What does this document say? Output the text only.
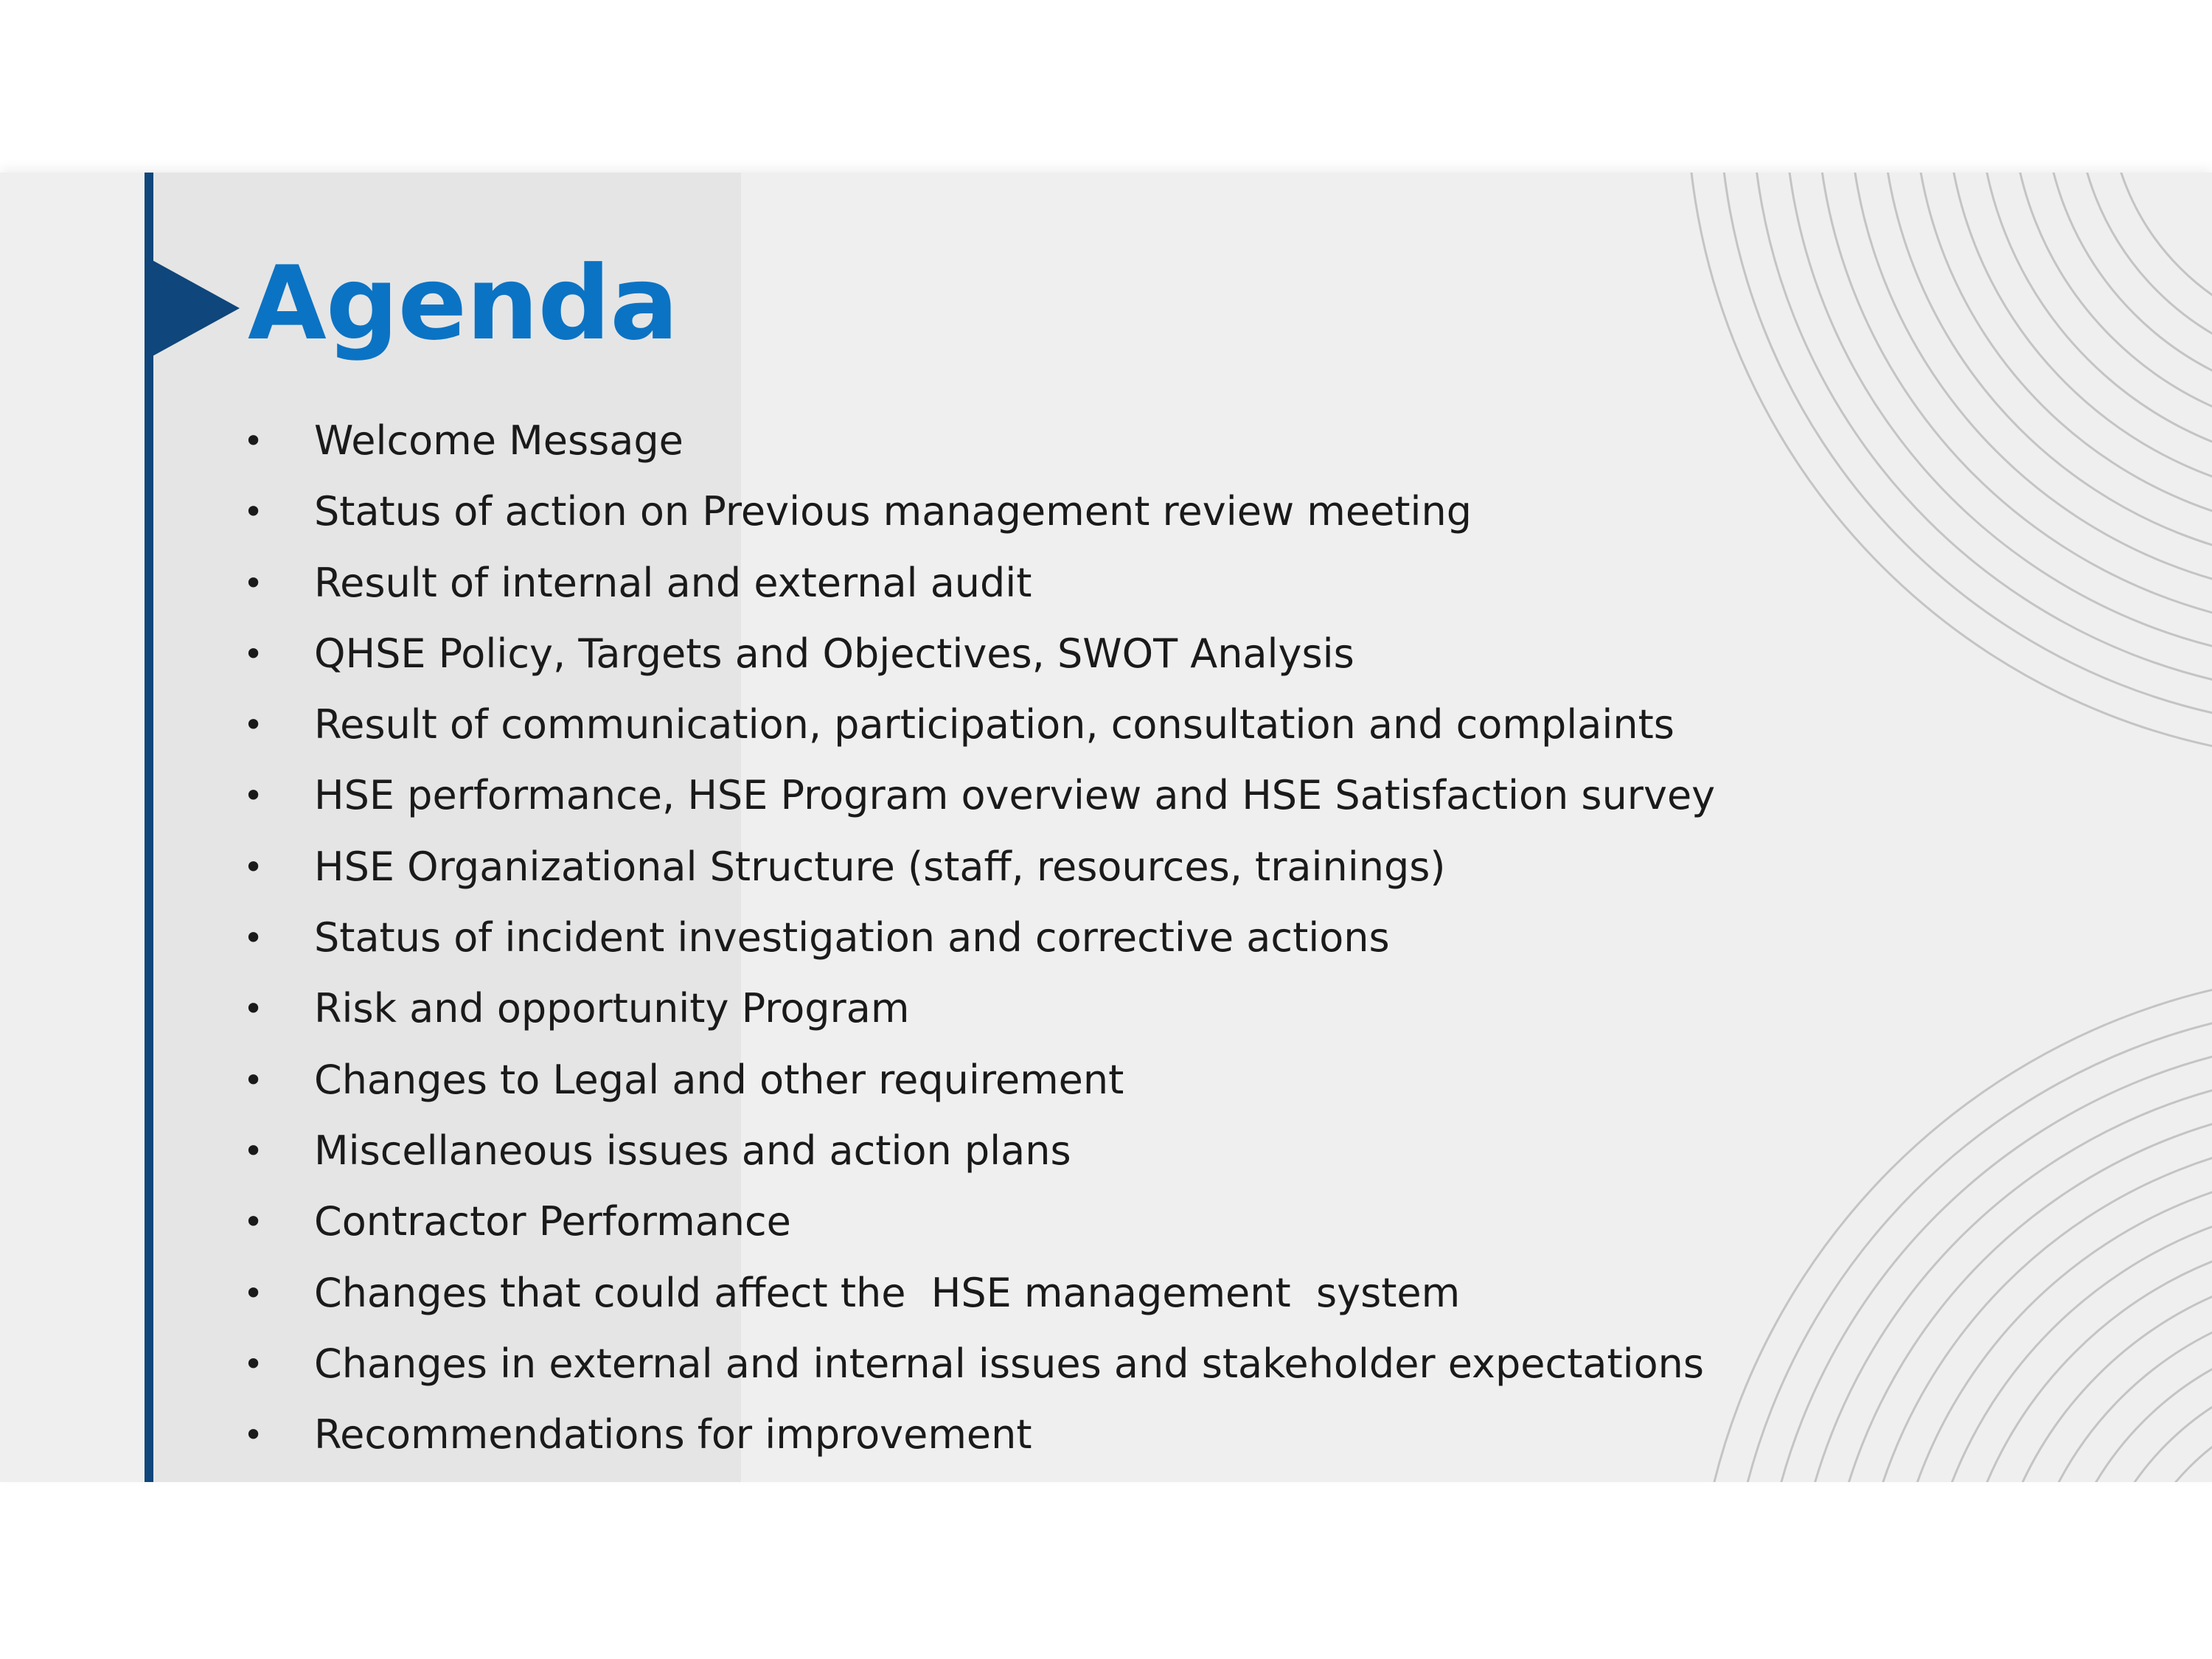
Agenda
•	Welcome Message
•	Status of action on Previous management review meeting
•	Result of internal and external audit
•	QHSE Policy, Targets and Objectives, SWOT Analysis
•	Result of communication, participation, consultation and complaints
•	HSE performance, HSE Program overview and HSE Satisfaction survey
•	HSE Organizational Structure (staff, resources, trainings)
•	Status of incident investigation and corrective actions
•	Risk and opportunity Program
•	Changes to Legal and other requirement
•	Miscellaneous issues and action plans
•	Contractor Performance
•	Changes that could affect the  HSE management  system
•	Changes in external and internal issues and stakeholder expectations
•	Recommendations for improvement
